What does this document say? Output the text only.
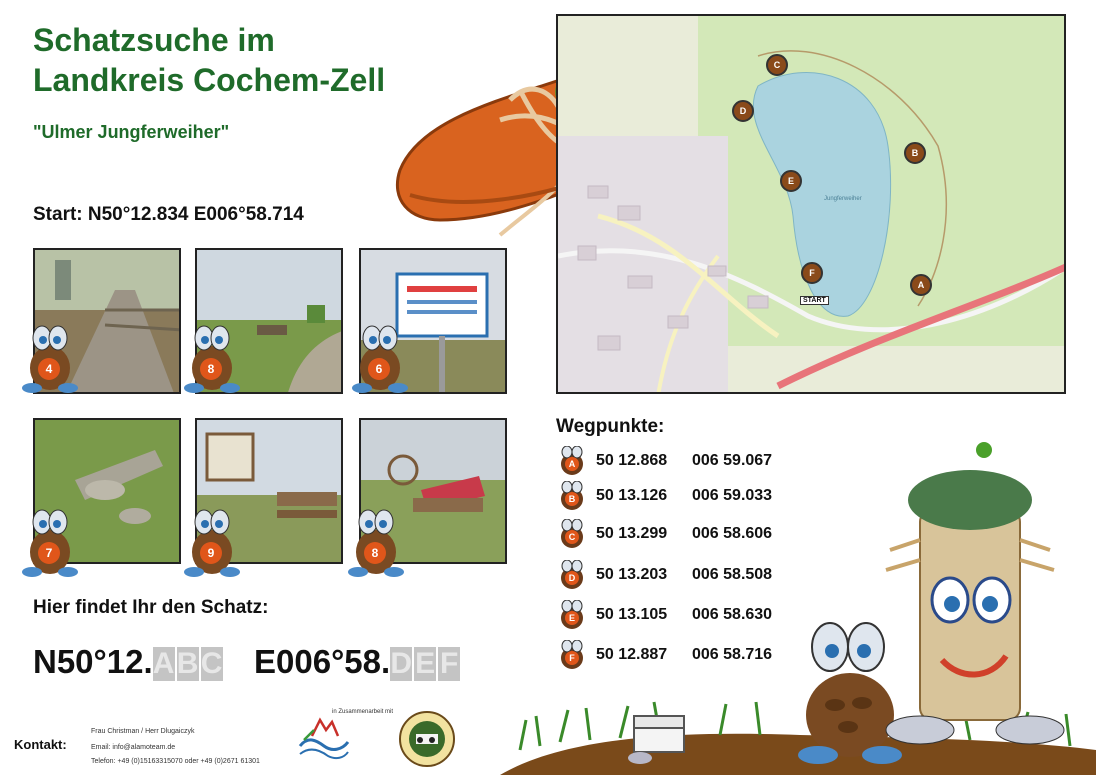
Schatzsuche im
Landkreis Cochem-Zell
"Ulmer Jungferweiher"
Start: N50°12.834 E006°58.714
Jungferweiher
START
A
B
C
D
E
F
4	8	6
7	9	8
Wegpunkte:
A 50 12.868 006 59.067
B 50 13.126 006 59.033
C 50 13.299 006 58.606
D 50 13.203 006 58.508
E 50 13.105 006 58.630
F 50 12.887 006 58.716
Hier findet Ihr den Schatz:
N50°12.ABC E006°58.D E F
Kontakt:
Frau Christman / Herr Dlugaiczyk
Email: info@alamoteam.de
Telefon: +49 (0)15163315070 oder +49 (0)2671 61301
in Zusammenarbeit mit
